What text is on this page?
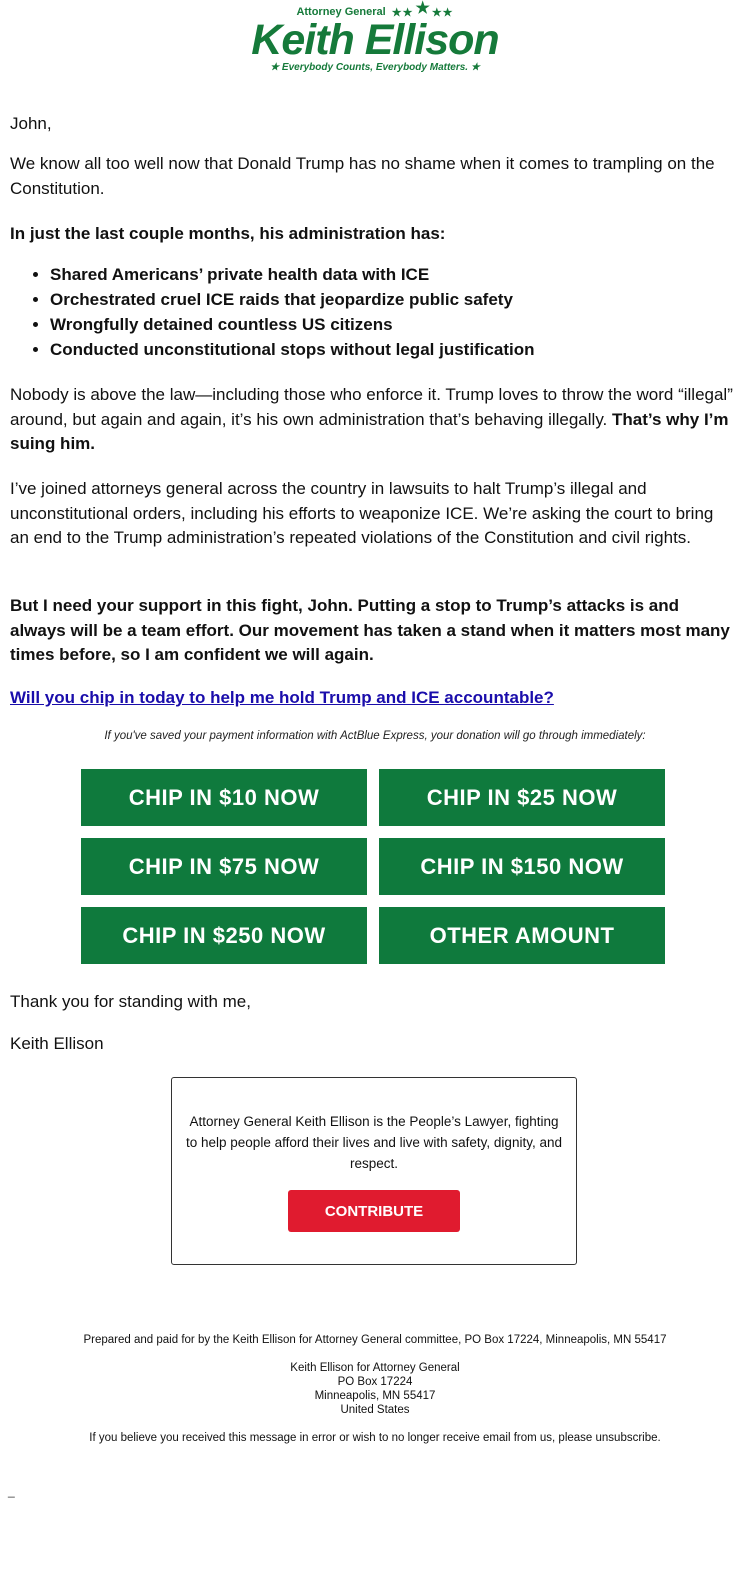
Attorney General ★★ ★ ★★
Keith Ellison
★ Everybody Counts, Everybody Matters. ★

John,

We know all too well now that Donald Trump has no shame when it comes to trampling on the Constitution.

In just the last couple months, his administration has:

• Shared Americans’ private health data with ICE
• Orchestrated cruel ICE raids that jeopardize public safety
• Wrongfully detained countless US citizens
• Conducted unconstitutional stops without legal justification

Nobody is above the law—including those who enforce it. Trump loves to throw the word “illegal” around, but again and again, it’s his own administration that’s behaving illegally. That’s why I’m suing him.

I’ve joined attorneys general across the country in lawsuits to halt Trump’s illegal and unconstitutional orders, including his efforts to weaponize ICE. We’re asking the court to bring an end to the Trump administration’s repeated violations of the Constitution and civil rights.

But I need your support in this fight, John. Putting a stop to Trump’s attacks is and always will be a team effort. Our movement has taken a stand when it matters most many times before, so I am confident we will again.

Will you chip in today to help me hold Trump and ICE accountable?
If you've saved your payment information with ActBlue Express, your donation will go through immediately:
CHIP IN $10 NOW	CHIP IN $25 NOW
CHIP IN $75 NOW	CHIP IN $150 NOW
CHIP IN $250 NOW	OTHER AMOUNT

Thank you for standing with me,

Keith Ellison

Attorney General Keith Ellison is the People’s Lawyer, fighting to help people afford their lives and live with safety, dignity, and respect.
CONTRIBUTE
Prepared and paid for by the Keith Ellison for Attorney General committee, PO Box 17224, Minneapolis, MN 55417
Keith Ellison for Attorney General
PO Box 17224
Minneapolis, MN 55417
United States
If you believe you received this message in error or wish to no longer receive email from us, please unsubscribe.
_
